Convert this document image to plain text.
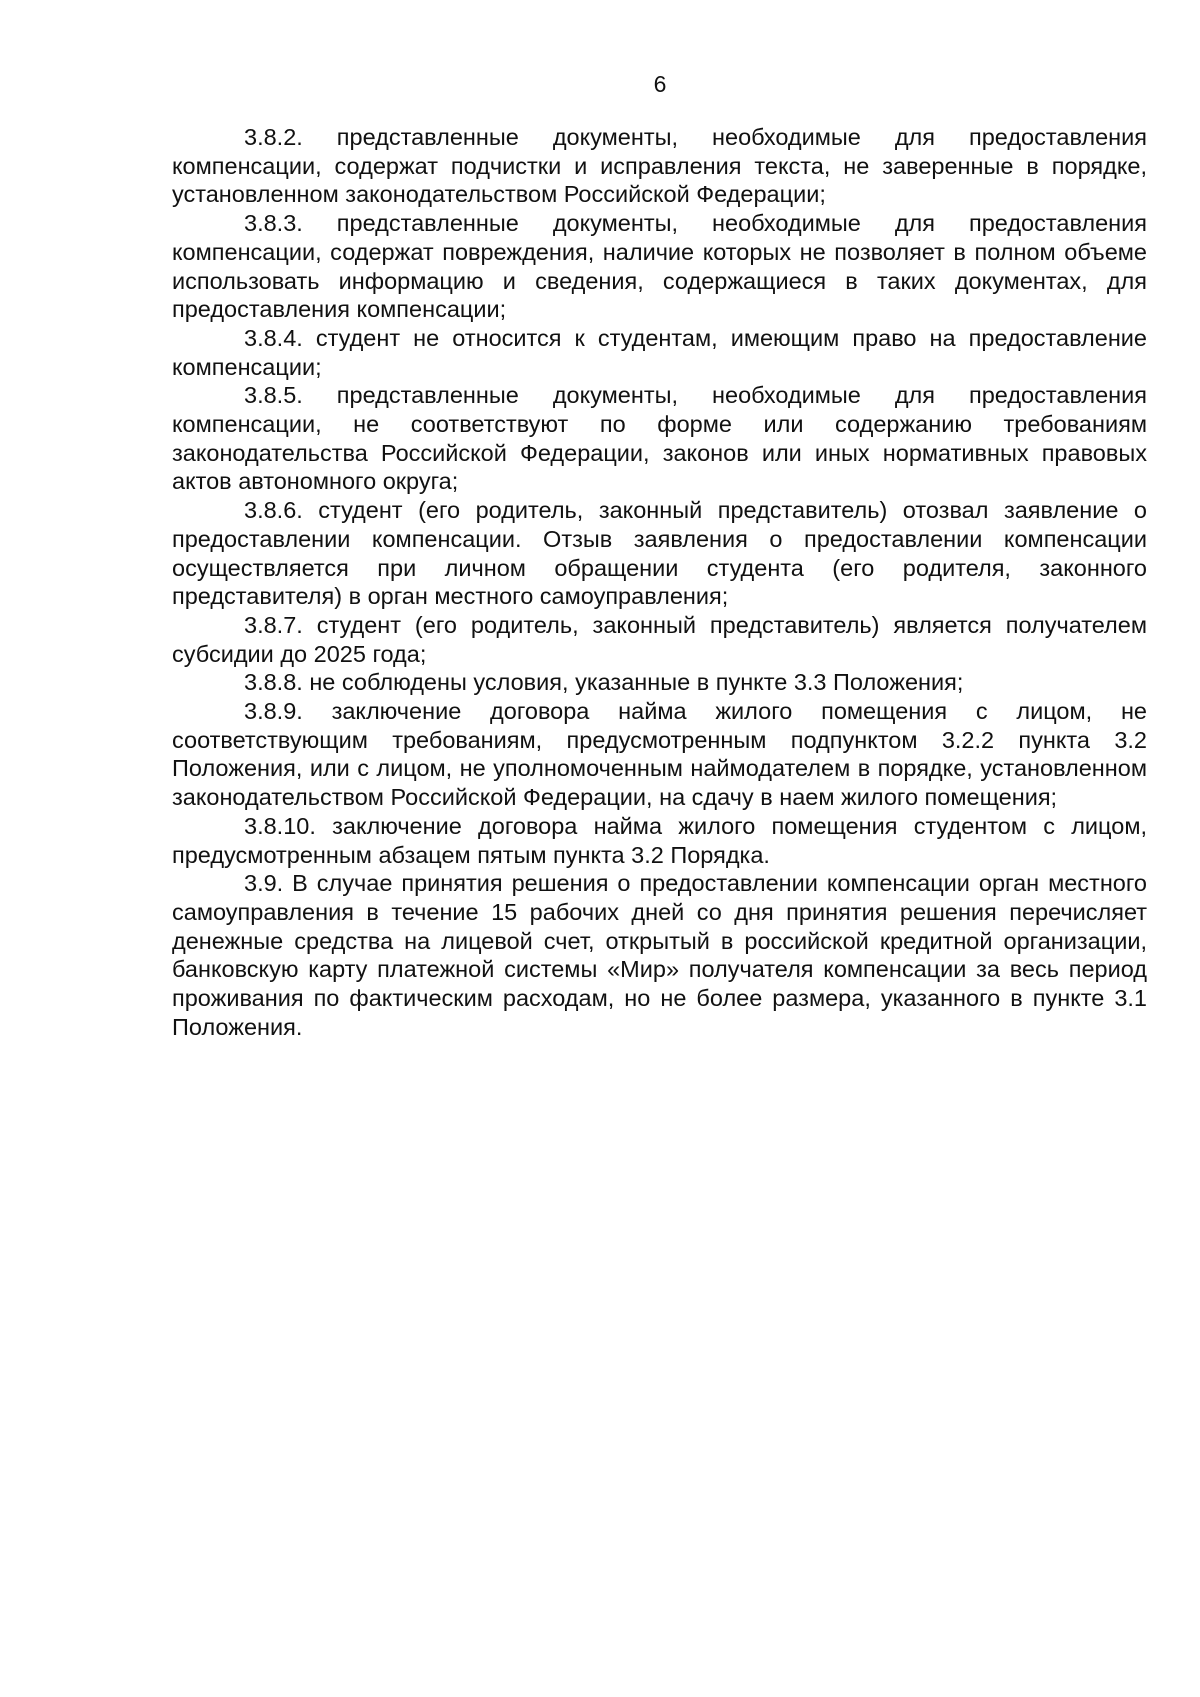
6

3.8.2. представленные документы, необходимые для предоставления компенсации, содержат подчистки и исправления текста, не заверенные в порядке, установленном законодательством Российской Федерации;

3.8.3. представленные документы, необходимые для предоставления компенсации, содержат повреждения, наличие которых не позволяет в полном объеме использовать информацию и сведения, содержащиеся в таких документах, для предоставления компенсации;

3.8.4. студент не относится к студентам, имеющим право на предоставление компенсации;

3.8.5. представленные документы, необходимые для предоставления компенсации, не соответствуют по форме или содержанию требованиям законодательства Российской Федерации, законов или иных нормативных правовых актов автономного округа;

3.8.6. студент (его родитель, законный представитель) отозвал заявление о предоставлении компенсации. Отзыв заявления о предоставлении компенсации осуществляется при личном обращении студента (его родителя, законного представителя) в орган местного самоуправления;

3.8.7. студент (его родитель, законный представитель) является получателем субсидии до 2025 года;

3.8.8. не соблюдены условия, указанные в пункте 3.3 Положения;

3.8.9. заключение договора найма жилого помещения с лицом, не соответствующим требованиям, предусмотренным подпунктом 3.2.2 пункта 3.2 Положения, или с лицом, не уполномоченным наймодателем в порядке, установленном законодательством Российской Федерации, на сдачу в наем жилого помещения;

3.8.10. заключение договора найма жилого помещения студентом с лицом, предусмотренным абзацем пятым пункта 3.2 Порядка.

3.9. В случае принятия решения о предоставлении компенсации орган местного самоуправления в течение 15 рабочих дней со дня принятия решения перечисляет денежные средства на лицевой счет, открытый в российской кредитной организации, банковскую карту платежной системы «Мир» получателя компенсации за весь период проживания по фактическим расходам, но не более размера, указанного в пункте 3.1 Положения.
